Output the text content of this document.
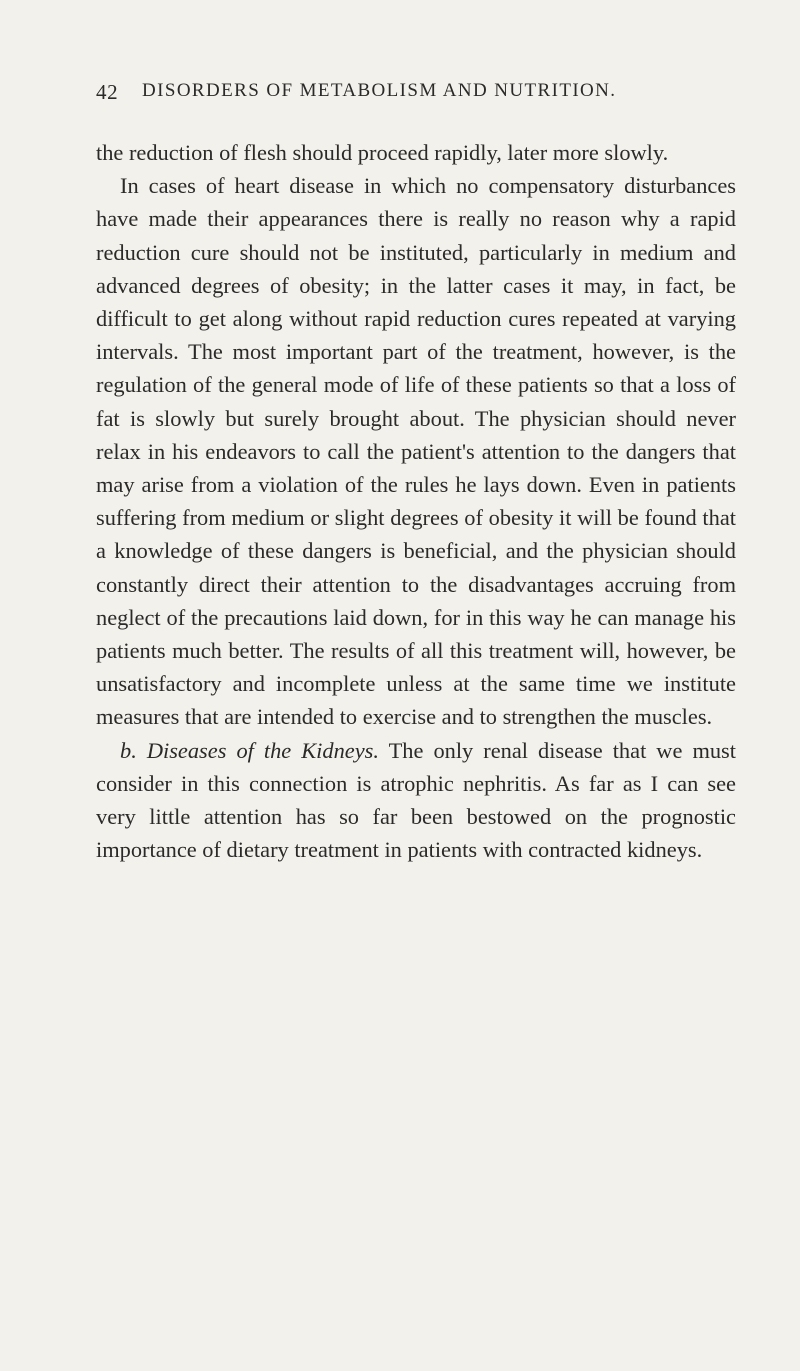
42 DISORDERS OF METABOLISM AND NUTRITION.

the reduction of flesh should proceed rapidly, later more slowly.

In cases of heart disease in which no compensatory disturbances have made their appearances there is really no reason why a rapid reduction cure should not be instituted, particularly in medium and advanced degrees of obesity; in the latter cases it may, in fact, be difficult to get along without rapid reduction cures repeated at varying intervals. The most important part of the treatment, however, is the regulation of the general mode of life of these patients so that a loss of fat is slowly but surely brought about. The physician should never relax in his endeavors to call the patient's attention to the dangers that may arise from a violation of the rules he lays down. Even in patients suffering from medium or slight degrees of obesity it will be found that a knowledge of these dangers is beneficial, and the physician should constantly direct their attention to the disadvantages accruing from neglect of the precautions laid down, for in this way he can manage his patients much better. The results of all this treatment will, however, be unsatisfactory and incomplete unless at the same time we institute measures that are intended to exercise and to strengthen the muscles.

b. Diseases of the Kidneys. The only renal disease that we must consider in this connection is atrophic nephritis. As far as I can see very little attention has so far been bestowed on the prognostic importance of dietary treatment in patients with contracted kidneys.
